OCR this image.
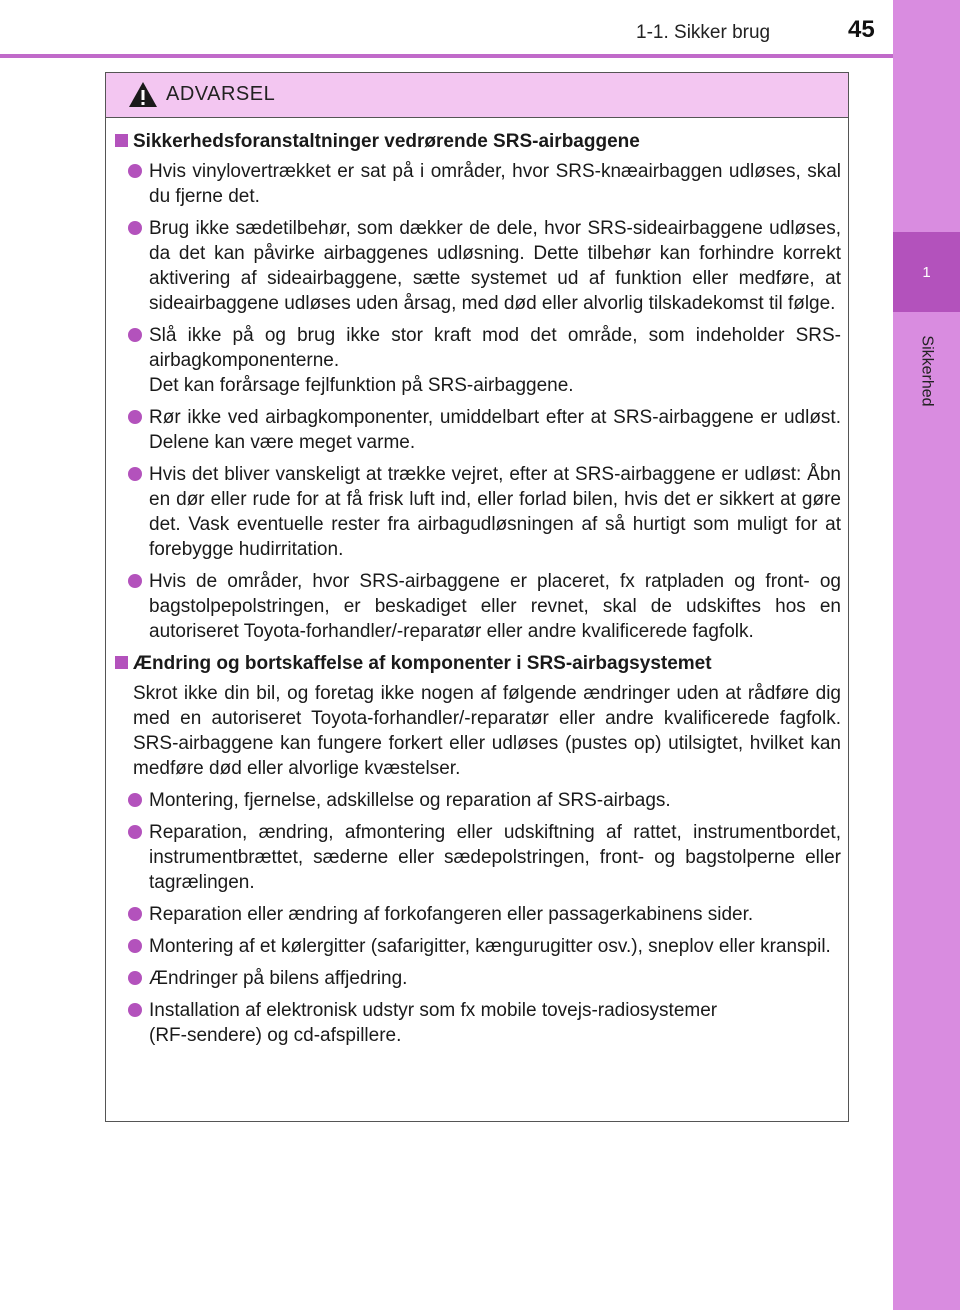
1
Sikkerhed
1-1. Sikker brug	45
ADVARSEL
Sikkerhedsforanstaltninger vedrørende SRS-airbaggene
Hvis vinylovertrækket er sat på i områder, hvor SRS-knæairbaggen udløses, skal du fjerne det.
Brug ikke sædetilbehør, som dækker de dele, hvor SRS-sideairbaggene udløses, da det kan påvirke airbaggenes udløsning. Dette tilbehør kan forhindre korrekt aktivering af sideairbaggene, sætte systemet ud af funktion eller medføre, at sideairbaggene udløses uden årsag, med død eller alvorlig tilskadekomst til følge.
Slå ikke på og brug ikke stor kraft mod det område, som indeholder SRS-airbagkomponenterne.
Det kan forårsage fejlfunktion på SRS-airbaggene.
Rør ikke ved airbagkomponenter, umiddelbart efter at SRS-airbaggene er udløst. Delene kan være meget varme.
Hvis det bliver vanskeligt at trække vejret, efter at SRS-airbaggene er udløst: Åbn en dør eller rude for at få frisk luft ind, eller forlad bilen, hvis det er sikkert at gøre det. Vask eventuelle rester fra airbagudløsningen af så hurtigt som muligt for at forebygge hudirritation.
Hvis de områder, hvor SRS-airbaggene er placeret, fx ratpladen og front- og bagstolpepolstringen, er beskadiget eller revnet, skal de udskiftes hos en autoriseret Toyota-forhandler/-reparatør eller andre kvalificerede fagfolk.
Ændring og bortskaffelse af komponenter i SRS-airbagsystemet
Skrot ikke din bil, og foretag ikke nogen af følgende ændringer uden at rådføre dig med en autoriseret Toyota-forhandler/-reparatør eller andre kvalificerede fagfolk. SRS-airbaggene kan fungere forkert eller udløses (pustes op) utilsigtet, hvilket kan medføre død eller alvorlige kvæstelser.
Montering, fjernelse, adskillelse og reparation af SRS-airbags.
Reparation, ændring, afmontering eller udskiftning af rattet, instrumentbordet, instrumentbrættet, sæderne eller sædepolstringen, front- og bagstolperne eller tagrælingen.
Reparation eller ændring af forkofangeren eller passagerkabinens sider.
Montering af et kølergitter (safarigitter, kængurugitter osv.), sneplov eller kranspil.
Ændringer på bilens affjedring.
Installation af elektronisk udstyr som fx mobile tovejs-radiosystemer
(RF-sendere) og cd-afspillere.
